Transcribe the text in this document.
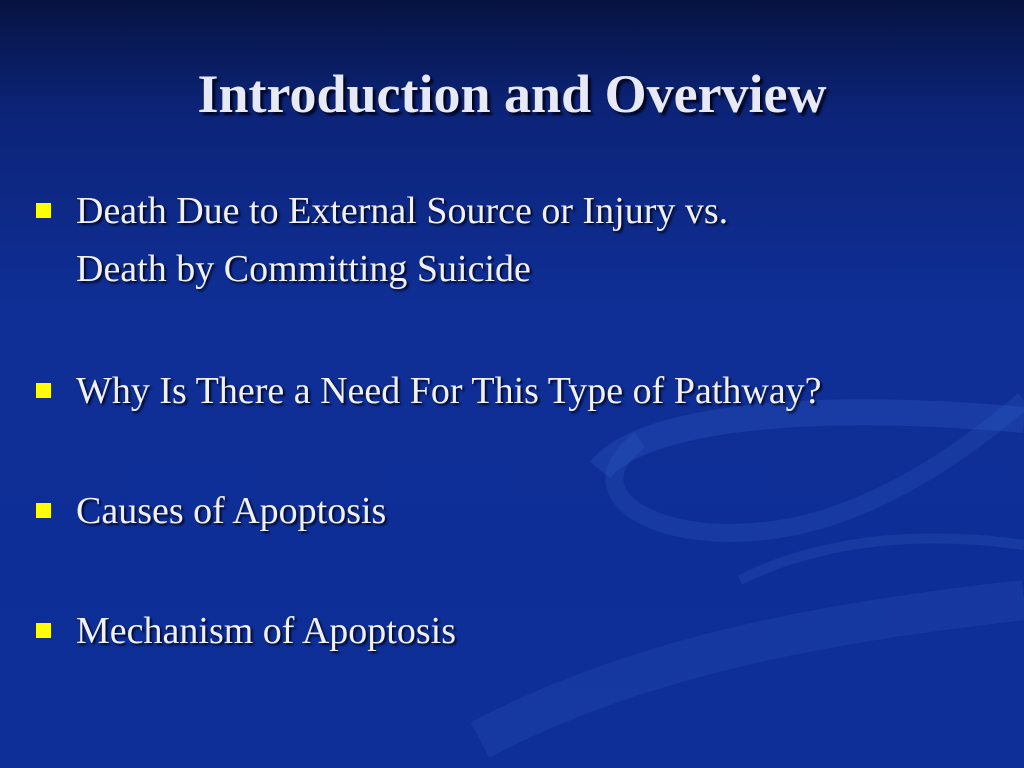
Introduction and Overview
Death Due to External Source or Injury vs.
Death by Committing Suicide
Why Is There a Need For This Type of Pathway?
Causes of Apoptosis
Mechanism of Apoptosis
